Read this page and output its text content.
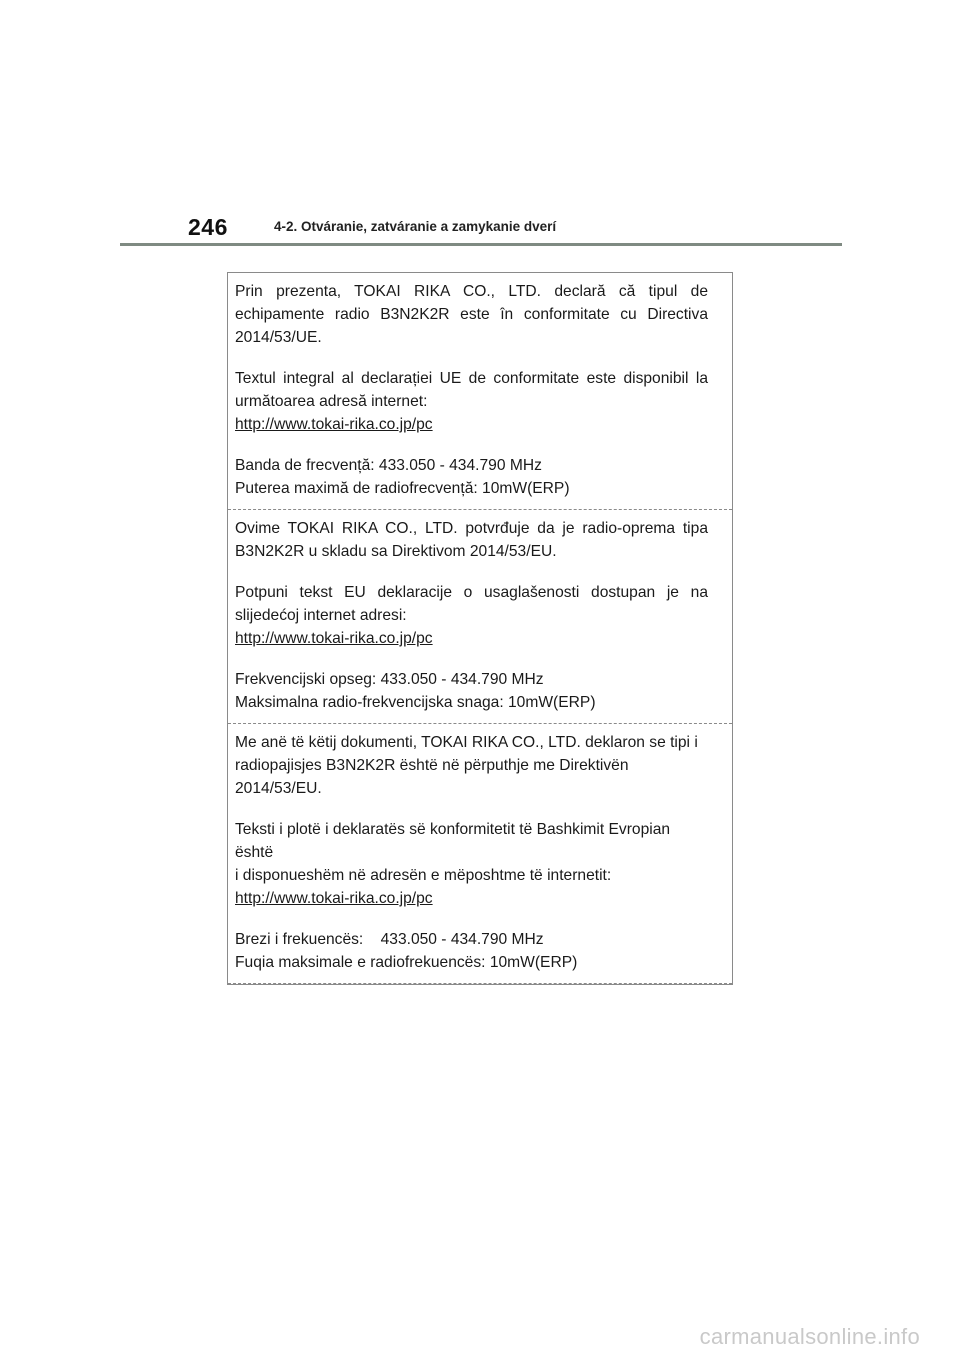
246	4-2. Otváranie, zatváranie a zamykanie dverí

Prin prezenta, TOKAI RIKA CO., LTD. declară că tipul de echipamente radio B3N2K2R este în conformitate cu Directiva 2014/53/UE.

Textul integral al declarației UE de conformitate este disponibil la următoarea adresă internet:
http://www.tokai-rika.co.jp/pc

Banda de frecvență: 433.050 - 434.790 MHz
Puterea maximă de radiofrecvență: 10mW(ERP)

Ovime TOKAI RIKA CO., LTD. potvrđuje da je radio-oprema tipa B3N2K2R u skladu sa Direktivom 2014/53/EU.

Potpuni tekst EU deklaracije o usaglašenosti dostupan je na slijedećoj internet adresi:
http://www.tokai-rika.co.jp/pc

Frekvencijski opseg: 433.050 - 434.790 MHz
Maksimalna radio-frekvencijska snaga: 10mW(ERP)

Me anë të këtij dokumenti, TOKAI RIKA CO., LTD. deklaron se tipi i
radiopajisjes B3N2K2R është në përputhje me Direktivën
2014/53/EU.

Teksti i plotë i deklaratës së konformitetit të Bashkimit Evropian është
i disponueshëm në adresën e mëposhtme të internetit:
http://www.tokai-rika.co.jp/pc

Brezi i frekuencës:    433.050 - 434.790 MHz
Fuqia maksimale e radiofrekuencës: 10mW(ERP)

carmanualsonline.info
